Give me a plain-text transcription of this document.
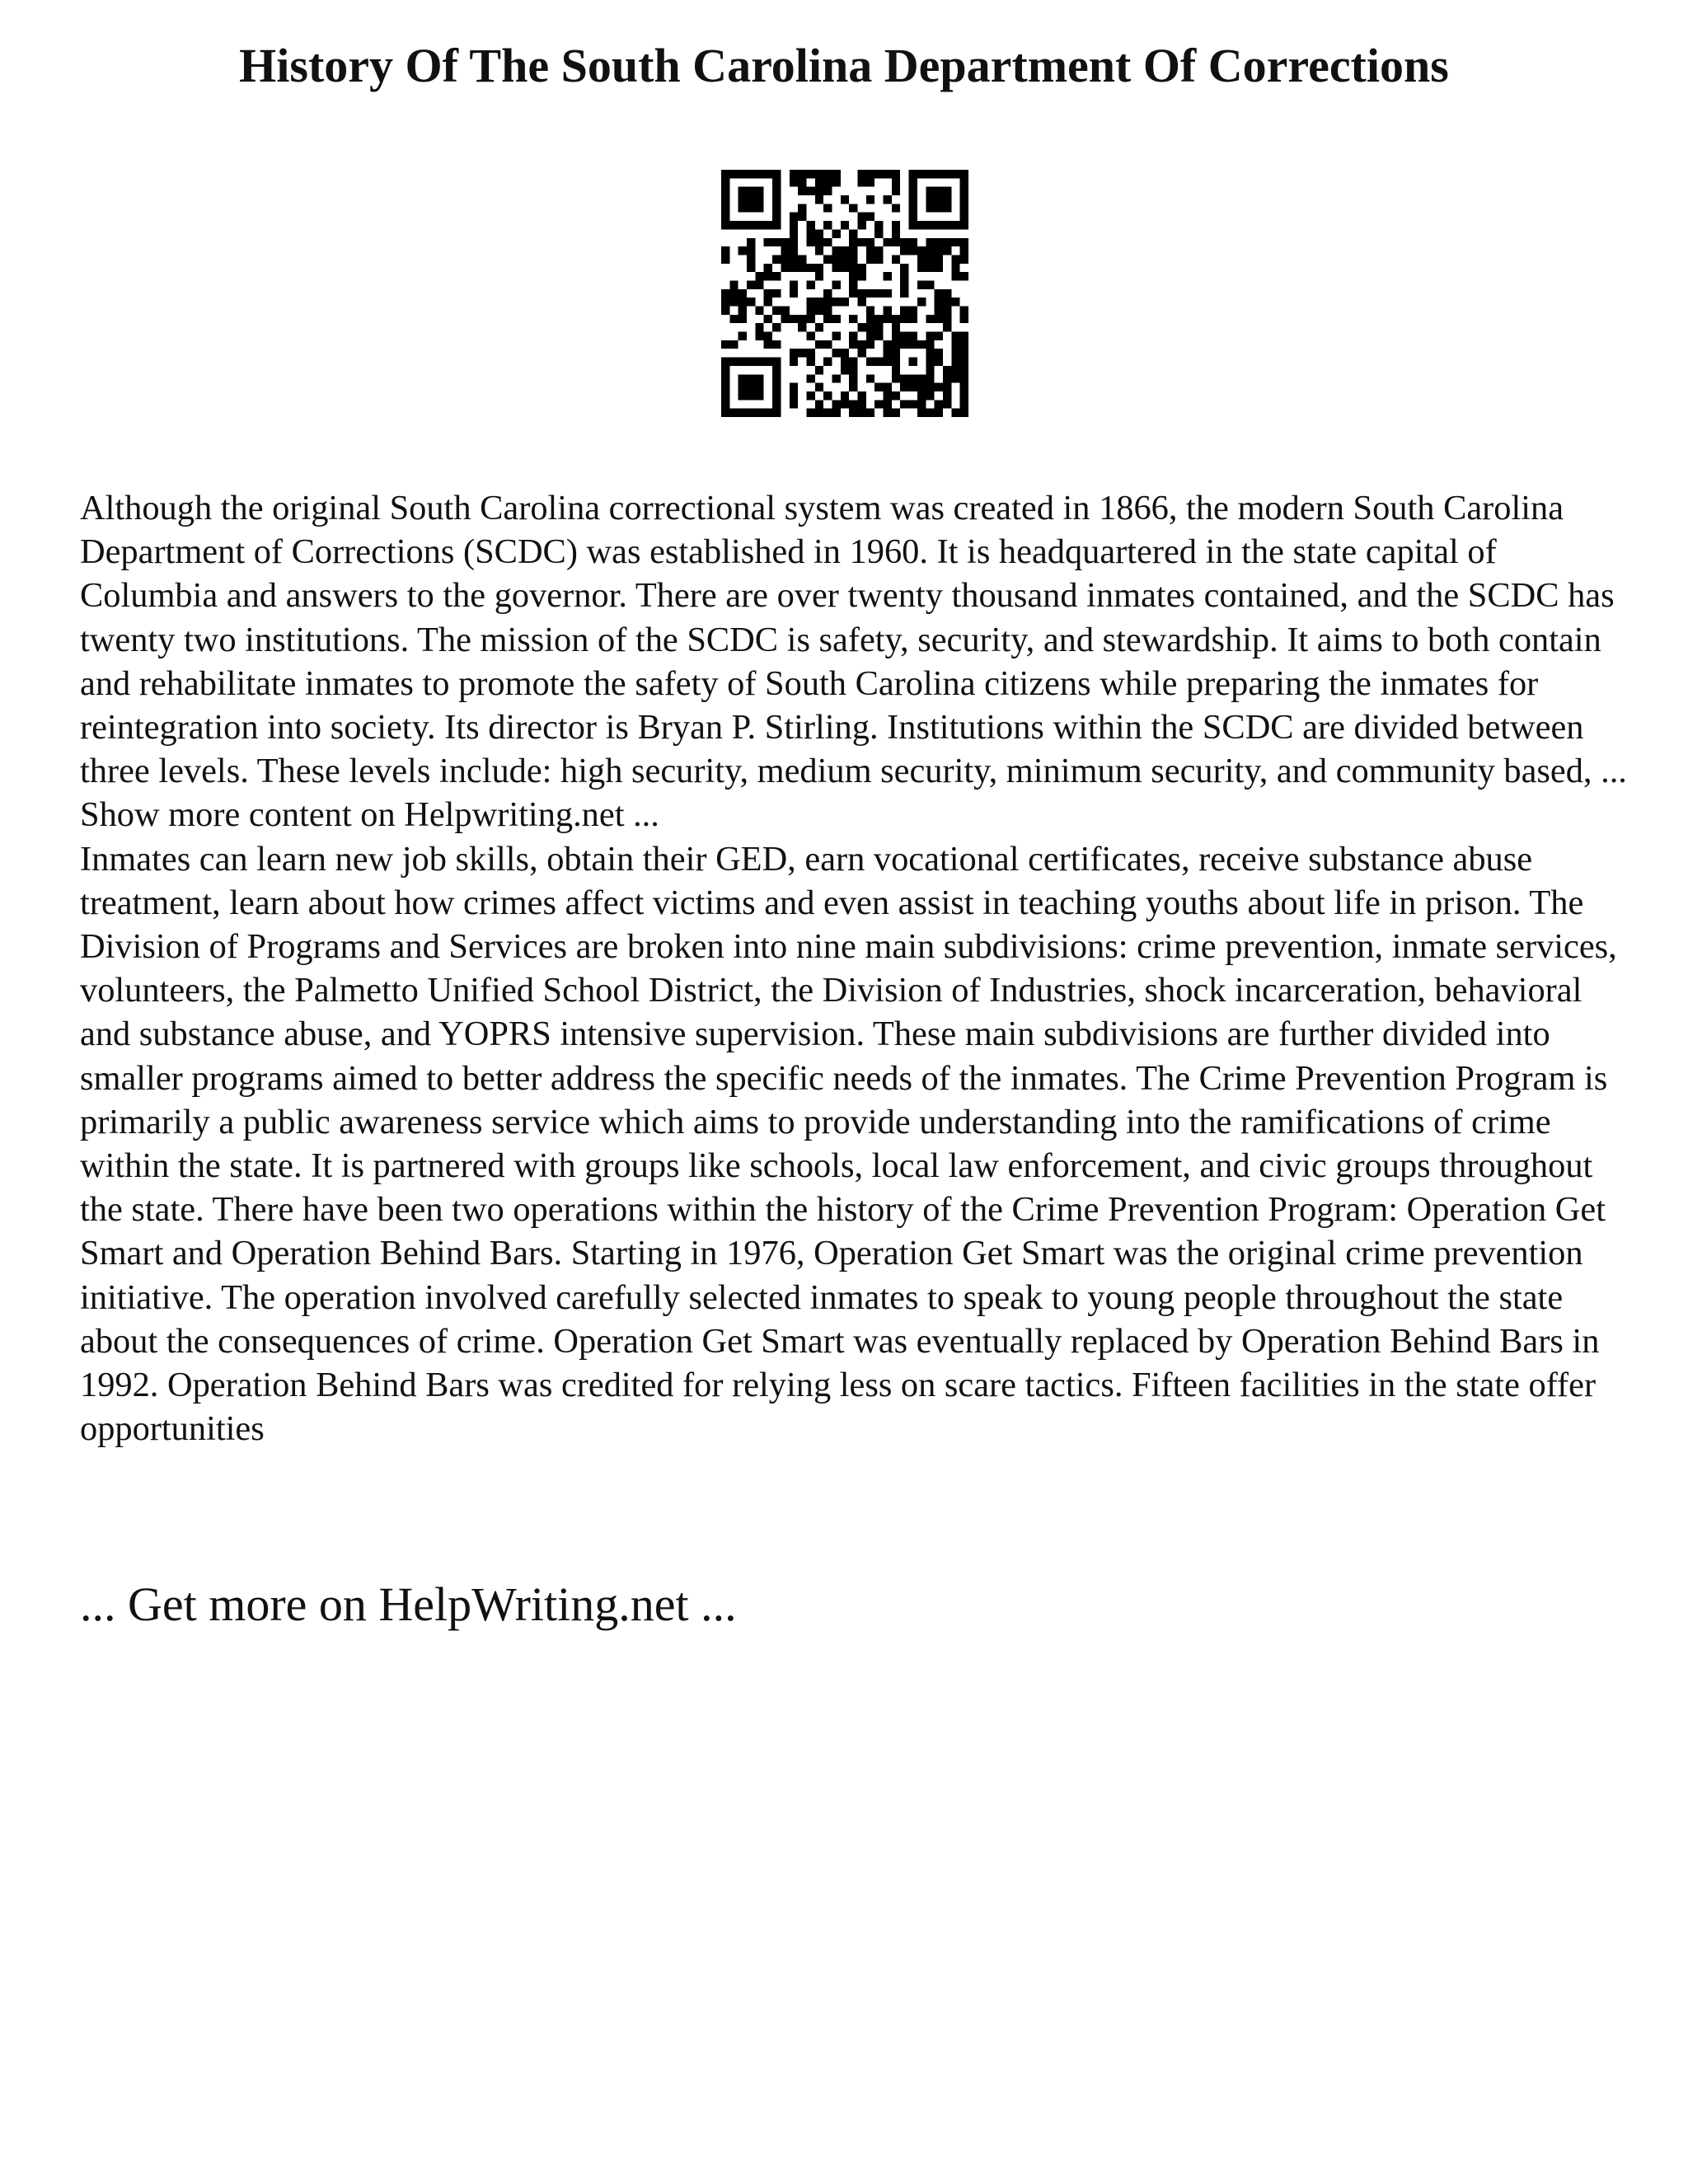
History Of The South Carolina Department Of Corrections

Although the original South Carolina correctional system was created in 1866, the modern South Carolina Department of Corrections (SCDC) was established in 1960. It is headquartered in the state capital of Columbia and answers to the governor. There are over twenty thousand inmates contained, and the SCDC has twenty two institutions. The mission of the SCDC is safety, security, and stewardship. It aims to both contain and rehabilitate inmates to promote the safety of South Carolina citizens while preparing the inmates for reintegration into society. Its director is Bryan P. Stirling. Institutions within the SCDC are divided between three levels. These levels include: high security, medium security, minimum security, and community based, ... Show more content on Helpwriting.net ...

Inmates can learn new job skills, obtain their GED, earn vocational certificates, receive substance abuse treatment, learn about how crimes affect victims and even assist in teaching youths about life in prison. The Division of Programs and Services are broken into nine main subdivisions: crime prevention, inmate services, volunteers, the Palmetto Unified School District, the Division of Industries, shock incarceration, behavioral and substance abuse, and YOPRS intensive supervision. These main subdivisions are further divided into smaller programs aimed to better address the specific needs of the inmates. The Crime Prevention Program is primarily a public awareness service which aims to provide understanding into the ramifications of crime within the state. It is partnered with groups like schools, local law enforcement, and civic groups throughout the state. There have been two operations within the history of the Crime Prevention Program: Operation Get Smart and Operation Behind Bars. Starting in 1976, Operation Get Smart was the original crime prevention initiative. The operation involved carefully selected inmates to speak to young people throughout the state about the consequences of crime. Operation Get Smart was eventually replaced by Operation Behind Bars in 1992. Operation Behind Bars was credited for relying less on scare tactics. Fifteen facilities in the state offer opportunities

... Get more on HelpWriting.net ...
